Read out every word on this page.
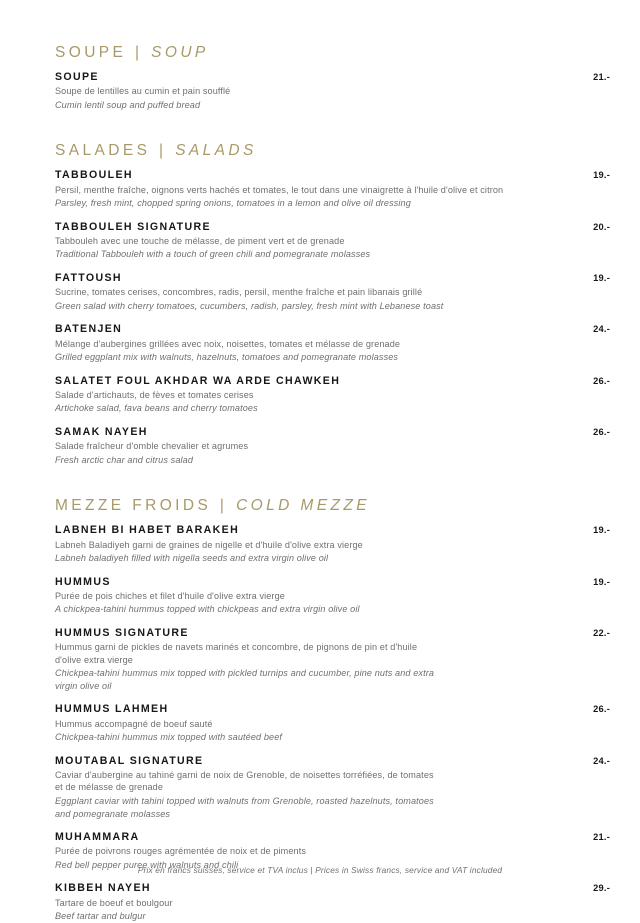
SOUPE | SOUP
SOUPE	21.-
Soupe de lentilles au cumin et pain soufflé
Cumin lentil soup and puffed bread
SALADES | SALADS
TABBOULEH	19.-
Persil, menthe fraîche, oignons verts hachés et tomates, le tout dans une vinaigrette à l'huile d'olive et citron
Parsley, fresh mint, chopped spring onions, tomatoes in a lemon and olive oil dressing
TABBOULEH SIGNATURE	20.-
Tabbouleh avec une touche de mélasse, de piment vert et de grenade
Traditional Tabbouleh with a touch of green chili and pomegranate molasses
FATTOUSH	19.-
Sucrine, tomates cerises, concombres, radis, persil, menthe fraîche et pain libanais grillé
Green salad with cherry tomatoes, cucumbers, radish, parsley, fresh mint with Lebanese toast
BATENJEN	24.-
Mélange d'aubergines grillées avec noix, noisettes, tomates et mélasse de grenade
Grilled eggplant mix with walnuts, hazelnuts, tomatoes and pomegranate molasses
SALATET FOUL AKHDAR WA ARDE CHAWKEH	26.-
Salade d'artichauts, de fèves et tomates cerises
Artichoke salad, fava beans and cherry tomatoes
SAMAK NAYEH	26.-
Salade fraîcheur d'omble chevalier et agrumes
Fresh arctic char and citrus salad
MEZZE FROIDS | COLD MEZZE
LABNEH BI HABET BARAKEH	19.-
Labneh Baladiyeh garni de graines de nigelle et d'huile d'olive extra vierge
Labneh baladiyeh filled with nigella seeds and extra virgin olive oil
HUMMUS	19.-
Purée de pois chiches et filet d'huile d'olive extra vierge
A chickpea-tahini hummus topped with chickpeas and extra virgin olive oil
HUMMUS SIGNATURE	22.-
Hummus garni de pickles de navets marinés et concombre, de pignons de pin et d'huile d'olive extra vierge
Chickpea-tahini hummus mix topped with pickled turnips and cucumber, pine nuts and extra virgin olive oil
HUMMUS LAHMEH	26.-
Hummus accompagné de boeuf sauté
Chickpea-tahini hummus mix topped with sautéed beef
MOUTABAL SIGNATURE	24.-
Caviar d'aubergine au tahiné garni de noix de Grenoble, de noisettes torréfiées, de tomates et de mélasse de grenade
Eggplant caviar with tahini topped with walnuts from Grenoble, roasted hazelnuts, tomatoes and pomegranate molasses
MUHAMMARA	21.-
Purée de poivrons rouges agrémentée de noix et de piments
Red bell pepper puree with walnuts and chili
KIBBEH NAYEH	29.-
Tartare de boeuf et boulgour
Beef tartar and bulgur
Prix en francs suisses, service et TVA inclus | Prices in Swiss francs, service and VAT included
